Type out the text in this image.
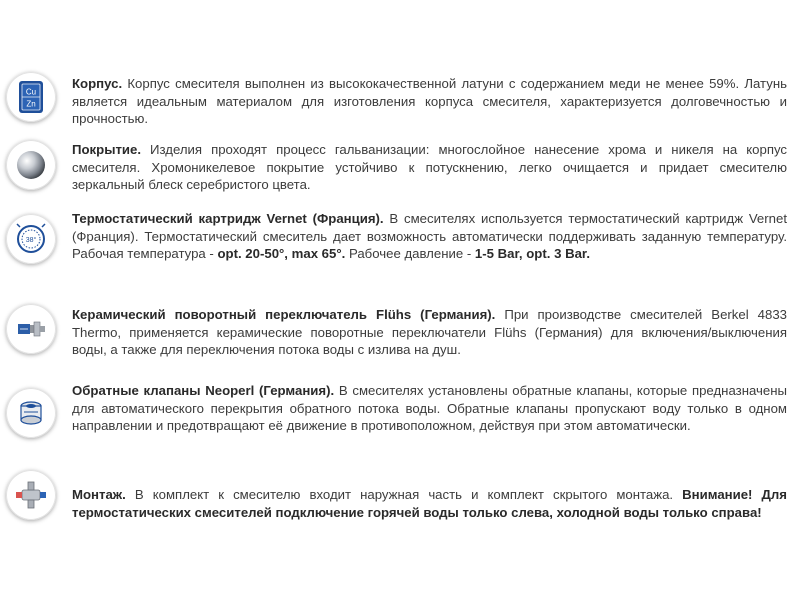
Cu
Zn
Корпус. Корпус смесителя выполнен из высококачественной латуни с содержанием меди не менее 59%. Латунь является идеальным материалом для изготовления корпуса смесителя, характеризуется долговечностью и прочностью.
Покрытие. Изделия проходят процесс гальванизации: многослойное нанесение хрома и никеля на корпус смесителя. Хромоникелевое покрытие устойчиво к потускнению, легко очищается и придает смесителю зеркальный блеск серебристого цвета.
38°
Термостатический картридж Vernet (Франция). В смесителях используется термостатический картридж Vernet (Франция). Термостатический смеситель дает возможность автоматически поддерживать заданную температуру. Рабочая температура - opt. 20-50°, max 65°. Рабочее давление - 1-5 Bar, opt. 3 Bar.
Керамический поворотный переключатель Flühs (Германия). При производстве смесителей Berkel 4833 Thermo, применяется керамические поворотные переключатели Flühs (Германия) для включения/выключения воды, а также для переключения потока воды с излива на душ.
Обратные клапаны Neoperl (Германия). В смесителях установлены обратные клапаны, которые предназначены для автоматического перекрытия обратного потока воды. Обратные клапаны пропускают воду только в одном направлении и предотвращают её движение в противоположном, действуя при этом автоматически.
Монтаж. В комплект к смесителю входит наружная часть и комплект скрытого монтажа. Внимание! Для термостатических смесителей подключение горячей воды только слева, холодной воды только справа!
